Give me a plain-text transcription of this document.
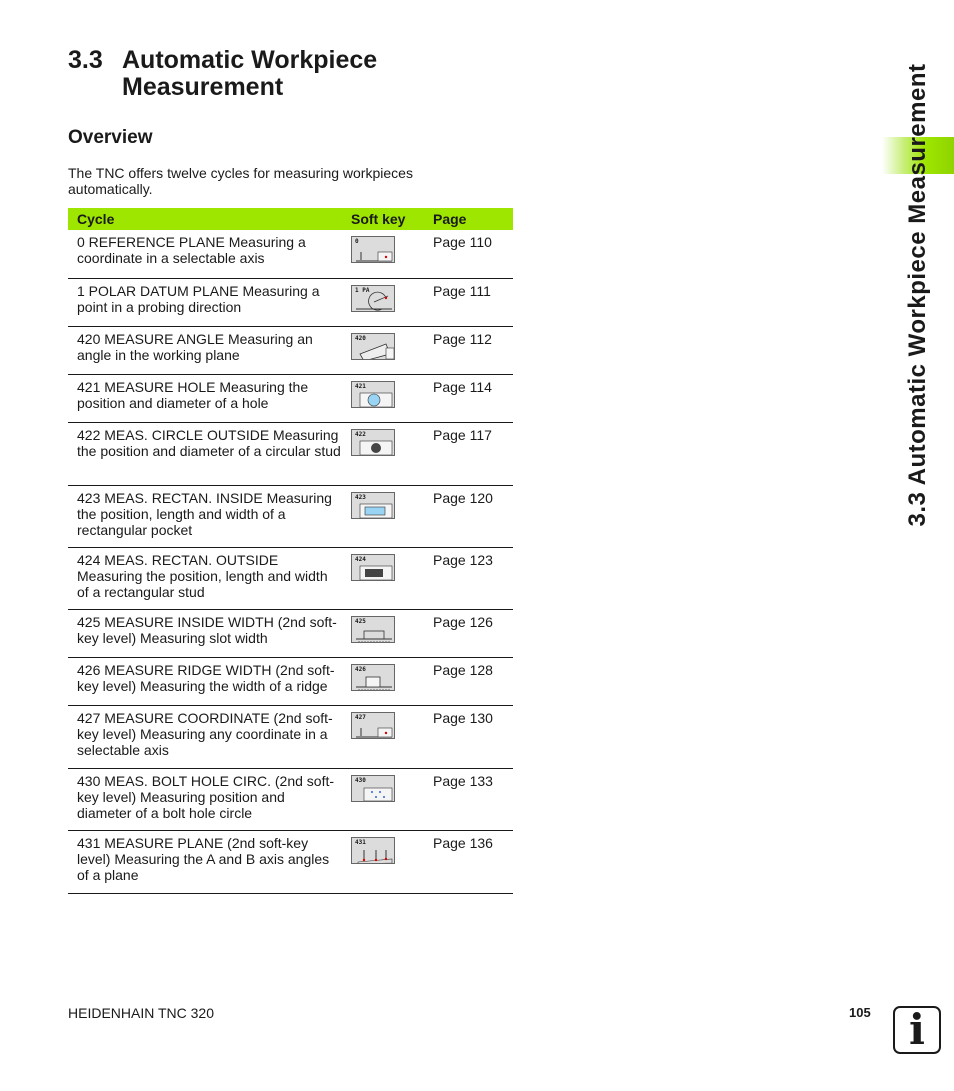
3.3 Automatic Workpiece
Measurement
Overview

The TNC offers twelve cycles for measuring workpieces automatically.

Cycle	Soft key	Page
0 REFERENCE PLANE Measuring a coordinate in a selectable axis	0	Page 110
1 POLAR DATUM PLANE Measuring a point in a probing direction	1 PA	Page 111
420 MEASURE ANGLE Measuring an angle in the working plane	420	Page 112
421 MEASURE HOLE Measuring the position and diameter of a hole	421	Page 114
422 MEAS. CIRCLE OUTSIDE Measuring the position and diameter of a circular stud	422	Page 117
423 MEAS. RECTAN. INSIDE Measuring the position, length and width of a rectangular pocket	423	Page 120
424 MEAS. RECTAN. OUTSIDE Measuring the position, length and width of a rectangular stud	424	Page 123
425 MEASURE INSIDE WIDTH (2nd soft-key level) Measuring slot width	425	Page 126
426 MEASURE RIDGE WIDTH (2nd soft-key level) Measuring the width of a ridge	426	Page 128
427 MEASURE COORDINATE (2nd soft-key level) Measuring any coordinate in a selectable axis	427	Page 130
430 MEAS. BOLT HOLE CIRC. (2nd soft-key level) Measuring position and diameter of a bolt hole circle	430	Page 133
431 MEASURE PLANE (2nd soft-key level) Measuring the A and B axis angles of a plane	431	Page 136
3.3 Automatic Workpiece Measurement
HEIDENHAIN TNC 320	105 i
